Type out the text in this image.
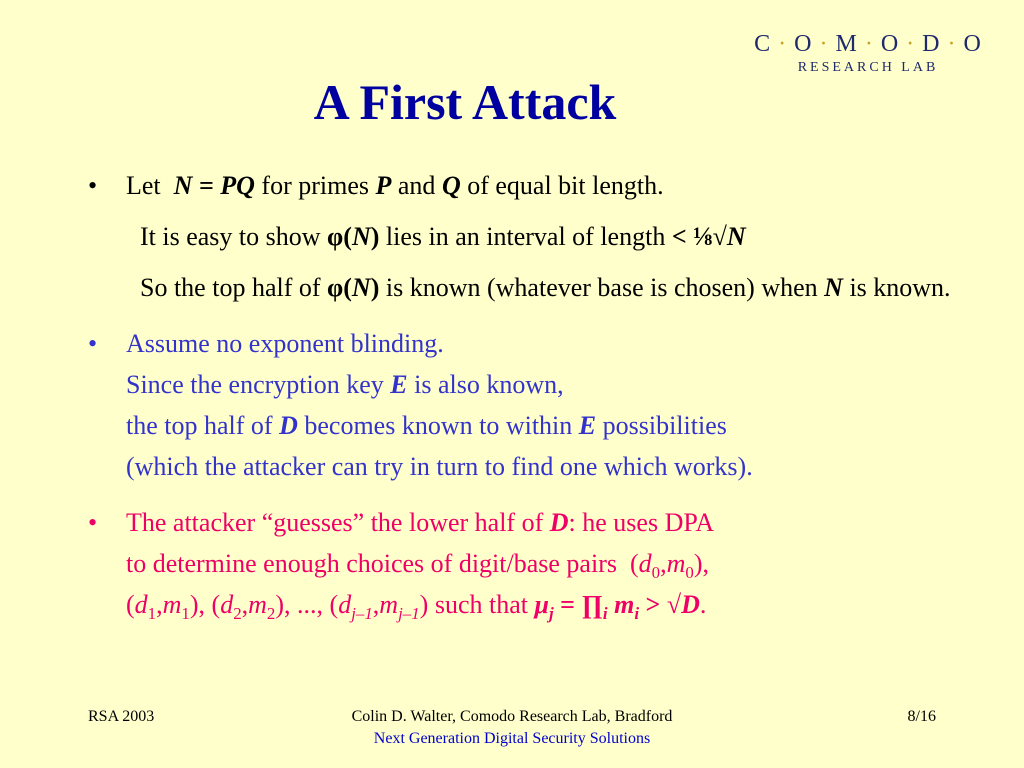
C · O · M · O · D · O
RESEARCH LAB
A First Attack
• Let N = PQ for primes P and Q of equal bit length.
It is easy to show φ(N) lies in an interval of length < ⅛√N
So the top half of φ(N) is known (whatever base is chosen) when N is known.
• Assume no exponent blinding.
Since the encryption key E is also known,
the top half of D becomes known to within E possibilities
(which the attacker can try in turn to find one which works).
• The attacker “guesses” the lower half of D: he uses DPA
to determine enough choices of digit/base pairs $(d_0,m_0)$,
$(d_1,m_1)$, $(d_2,m_2)$, ..., $(d_{j-1},m_{j-1})$ such that $\mu_j$ = $\prod_i$ $m_i > √D$.
RSA 2003	Colin D. Walter, Comodo Research Lab, Bradford
Next Generation Digital Security Solutions
8/16
